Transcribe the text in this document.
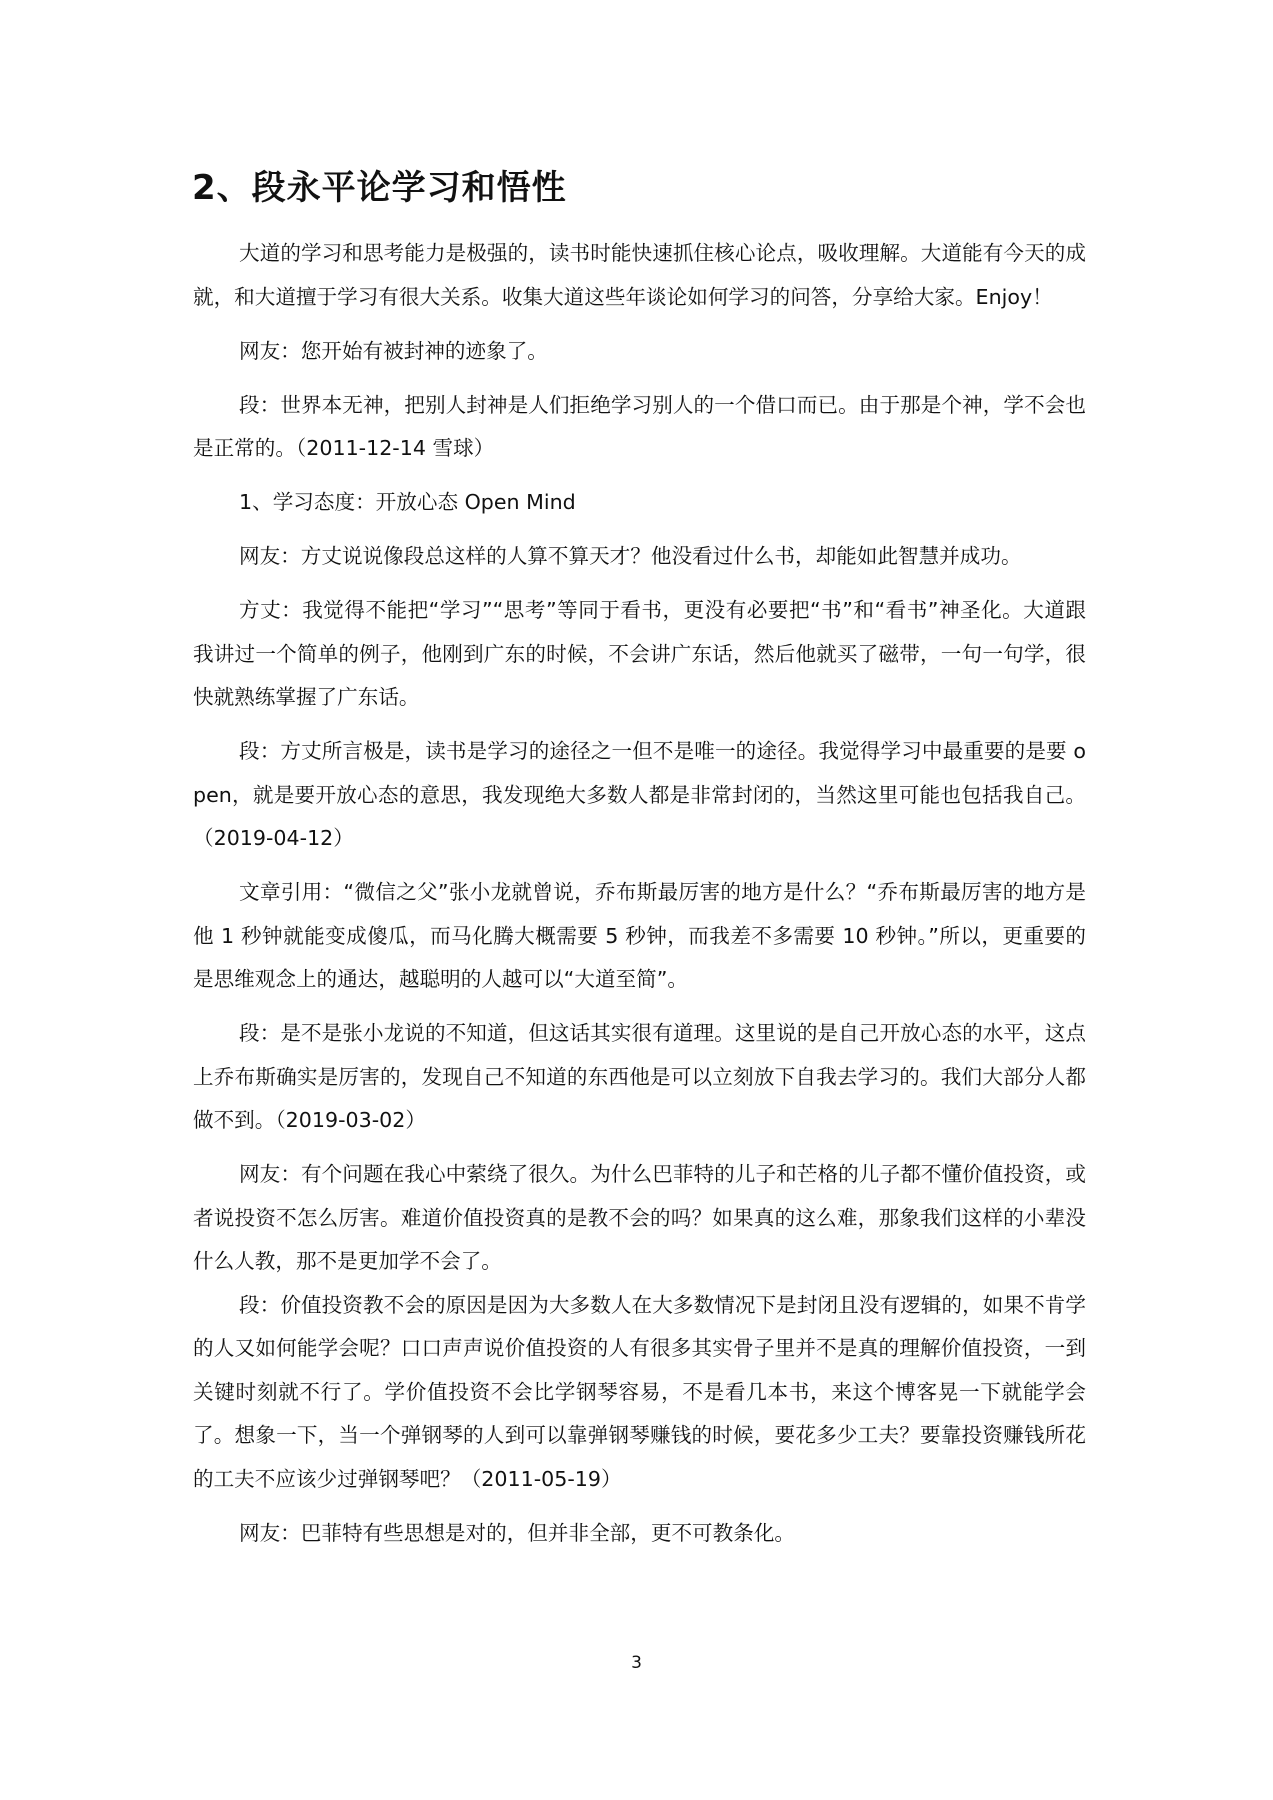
2、段永平论学习和悟性

大道的学习和思考能力是极强的，读书时能快速抓住核心论点，吸收理解。大道能有今天的成就，和大道擅于学习有很大关系。收集大道这些年谈论如何学习的问答，分享给大家。Enjoy！

网友：您开始有被封神的迹象了。

段：世界本无神，把别人封神是人们拒绝学习别人的一个借口而已。由于那是个神，学不会也是正常的。（2011-12-14 雪球）

1、学习态度：开放心态 Open Mind

网友：方丈说说像段总这样的人算不算天才？他没看过什么书，却能如此智慧并成功。

方丈：我觉得不能把“学习”“思考”等同于看书，更没有必要把“书”和“看书”神圣化。大道跟我讲过一个简单的例子，他刚到广东的时候，不会讲广东话，然后他就买了磁带，一句一句学，很快就熟练掌握了广东话。

段：方丈所言极是，读书是学习的途径之一但不是唯一的途径。我觉得学习中最重要的是要 open，就是要开放心态的意思，我发现绝大多数人都是非常封闭的，当然这里可能也包括我自己。（2019-04-12）

文章引用：“微信之父”张小龙就曾说，乔布斯最厉害的地方是什么？“乔布斯最厉害的地方是他 1 秒钟就能变成傻瓜，而马化腾大概需要 5 秒钟，而我差不多需要 10 秒钟。”所以，更重要的是思维观念上的通达，越聪明的人越可以“大道至简”。

段：是不是张小龙说的不知道，但这话其实很有道理。这里说的是自己开放心态的水平，这点上乔布斯确实是厉害的，发现自己不知道的东西他是可以立刻放下自我去学习的。我们大部分人都做不到。（2019-03-02）

网友：有个问题在我心中萦绕了很久。为什么巴菲特的儿子和芒格的儿子都不懂价值投资，或者说投资不怎么厉害。难道价值投资真的是教不会的吗？如果真的这么难，那象我们这样的小辈没什么人教，那不是更加学不会了。

段：价值投资教不会的原因是因为大多数人在大多数情况下是封闭且没有逻辑的，如果不肯学的人又如何能学会呢？口口声声说价值投资的人有很多其实骨子里并不是真的理解价值投资，一到关键时刻就不行了。学价值投资不会比学钢琴容易，不是看几本书，来这个博客晃一下就能学会了。想象一下，当一个弹钢琴的人到可以靠弹钢琴赚钱的时候，要花多少工夫？要靠投资赚钱所花的工夫不应该少过弹钢琴吧？（2011-05-19）

网友：巴菲特有些思想是对的，但并非全部，更不可教条化。

3
